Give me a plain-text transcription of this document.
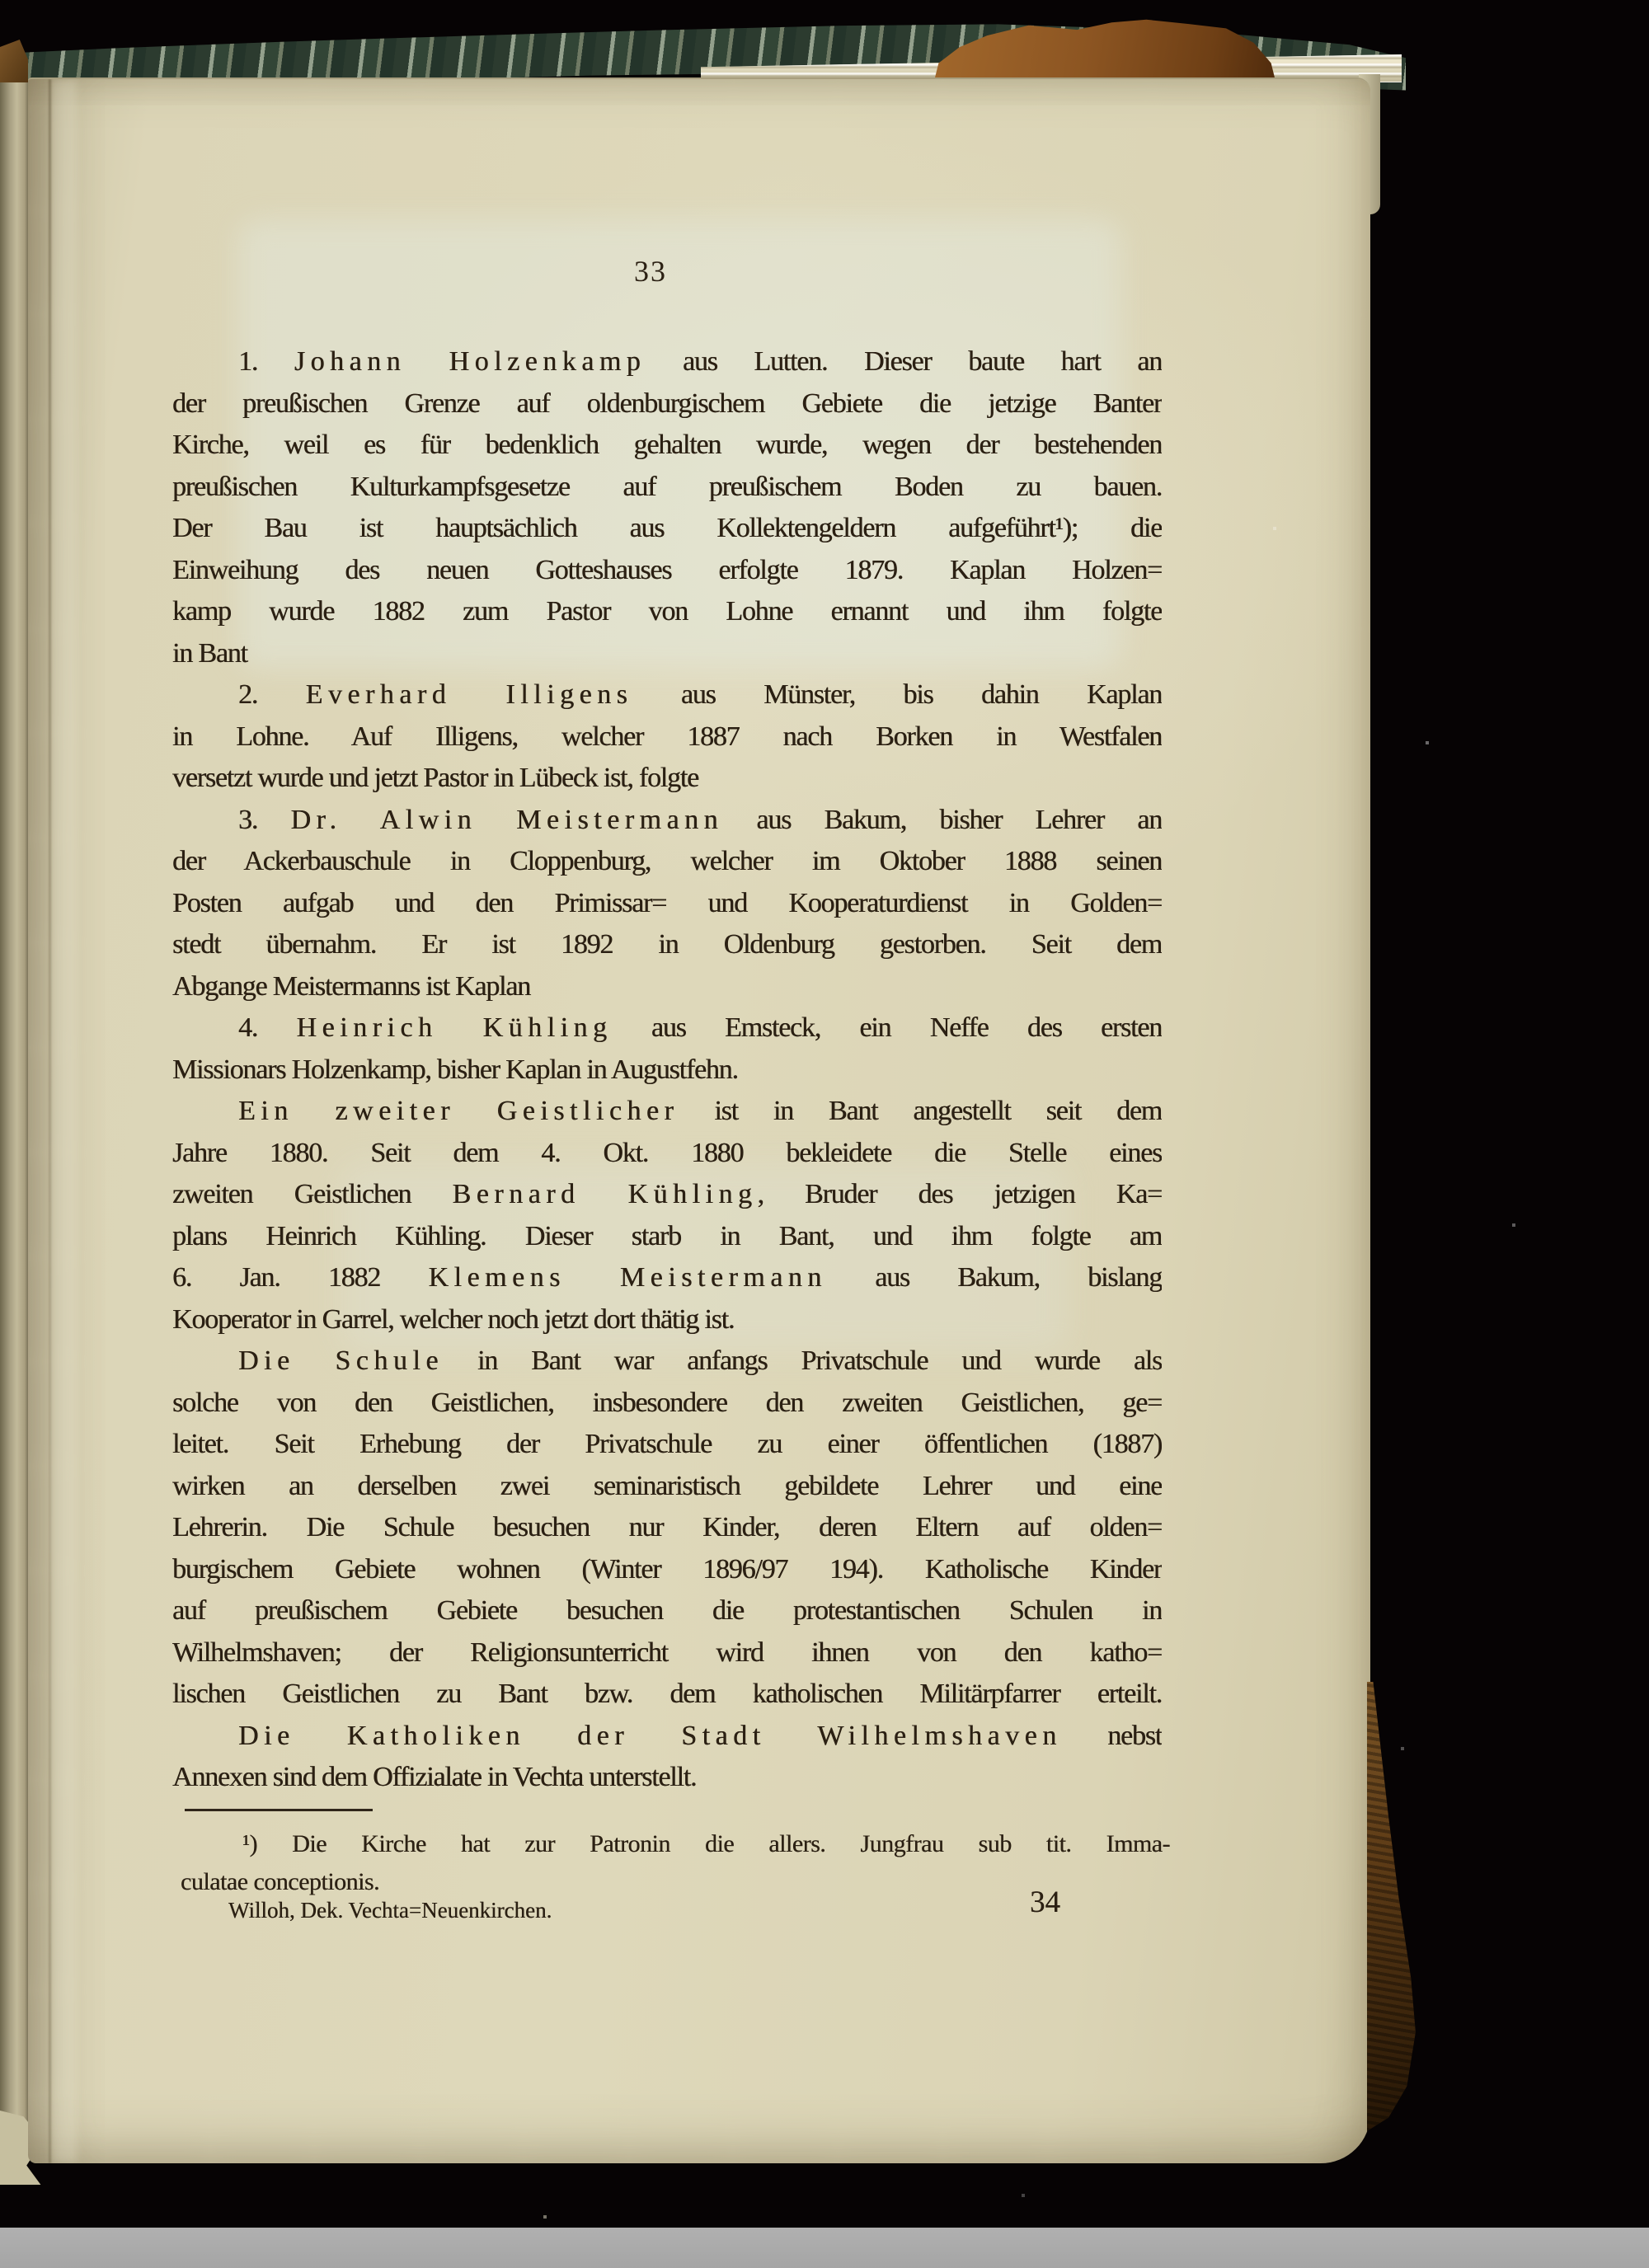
33
1. Johann Holzenkamp aus Lutten. Dieser baute hart an
der preußischen Grenze auf oldenburgischem Gebiete die jetzige Banter
Kirche, weil es für bedenklich gehalten wurde, wegen der bestehenden
preußischen Kulturkampfsgesetze auf preußischem Boden zu bauen.
Der Bau ist hauptsächlich aus Kollektengeldern aufgeführt¹); die
Einweihung des neuen Gotteshauses erfolgte 1879. Kaplan Holzen=
kamp wurde 1882 zum Pastor von Lohne ernannt und ihm folgte
in Bant
2. Everhard Illigens aus Münster, bis dahin Kaplan
in Lohne. Auf Illigens, welcher 1887 nach Borken in Westfalen
versetzt wurde und jetzt Pastor in Lübeck ist, folgte
3. Dr. Alwin Meistermann aus Bakum, bisher Lehrer an
der Ackerbauschule in Cloppenburg, welcher im Oktober 1888 seinen
Posten aufgab und den Primissar= und Kooperaturdienst in Golden=
stedt übernahm. Er ist 1892 in Oldenburg gestorben. Seit dem
Abgange Meistermanns ist Kaplan
4. Heinrich Kühling aus Emsteck, ein Neffe des ersten
Missionars Holzenkamp, bisher Kaplan in Augustfehn.
Ein zweiter Geistlicher ist in Bant angestellt seit dem
Jahre 1880. Seit dem 4. Okt. 1880 bekleidete die Stelle eines
zweiten Geistlichen Bernard Kühling, Bruder des jetzigen Ka=
plans Heinrich Kühling. Dieser starb in Bant, und ihm folgte am
6. Jan. 1882 Klemens Meistermann aus Bakum, bislang
Kooperator in Garrel, welcher noch jetzt dort thätig ist.
Die Schule in Bant war anfangs Privatschule und wurde als
solche von den Geistlichen, insbesondere den zweiten Geistlichen, ge=
leitet. Seit Erhebung der Privatschule zu einer öffentlichen (1887)
wirken an derselben zwei seminaristisch gebildete Lehrer und eine
Lehrerin. Die Schule besuchen nur Kinder, deren Eltern auf olden=
burgischem Gebiete wohnen (Winter 1896/97 194). Katholische Kinder
auf preußischem Gebiete besuchen die protestantischen Schulen in
Wilhelmshaven; der Religionsunterricht wird ihnen von den katho=
lischen Geistlichen zu Bant bzw. dem katholischen Militärpfarrer erteilt.
Die Katholiken der Stadt Wilhelmshaven nebst
Annexen sind dem Offizialate in Vechta unterstellt.
¹) Die Kirche hat zur Patronin die allers. Jungfrau sub tit. Imma-
culatae conceptionis.
Willoh, Dek. Vechta=Neuenkirchen.	34
